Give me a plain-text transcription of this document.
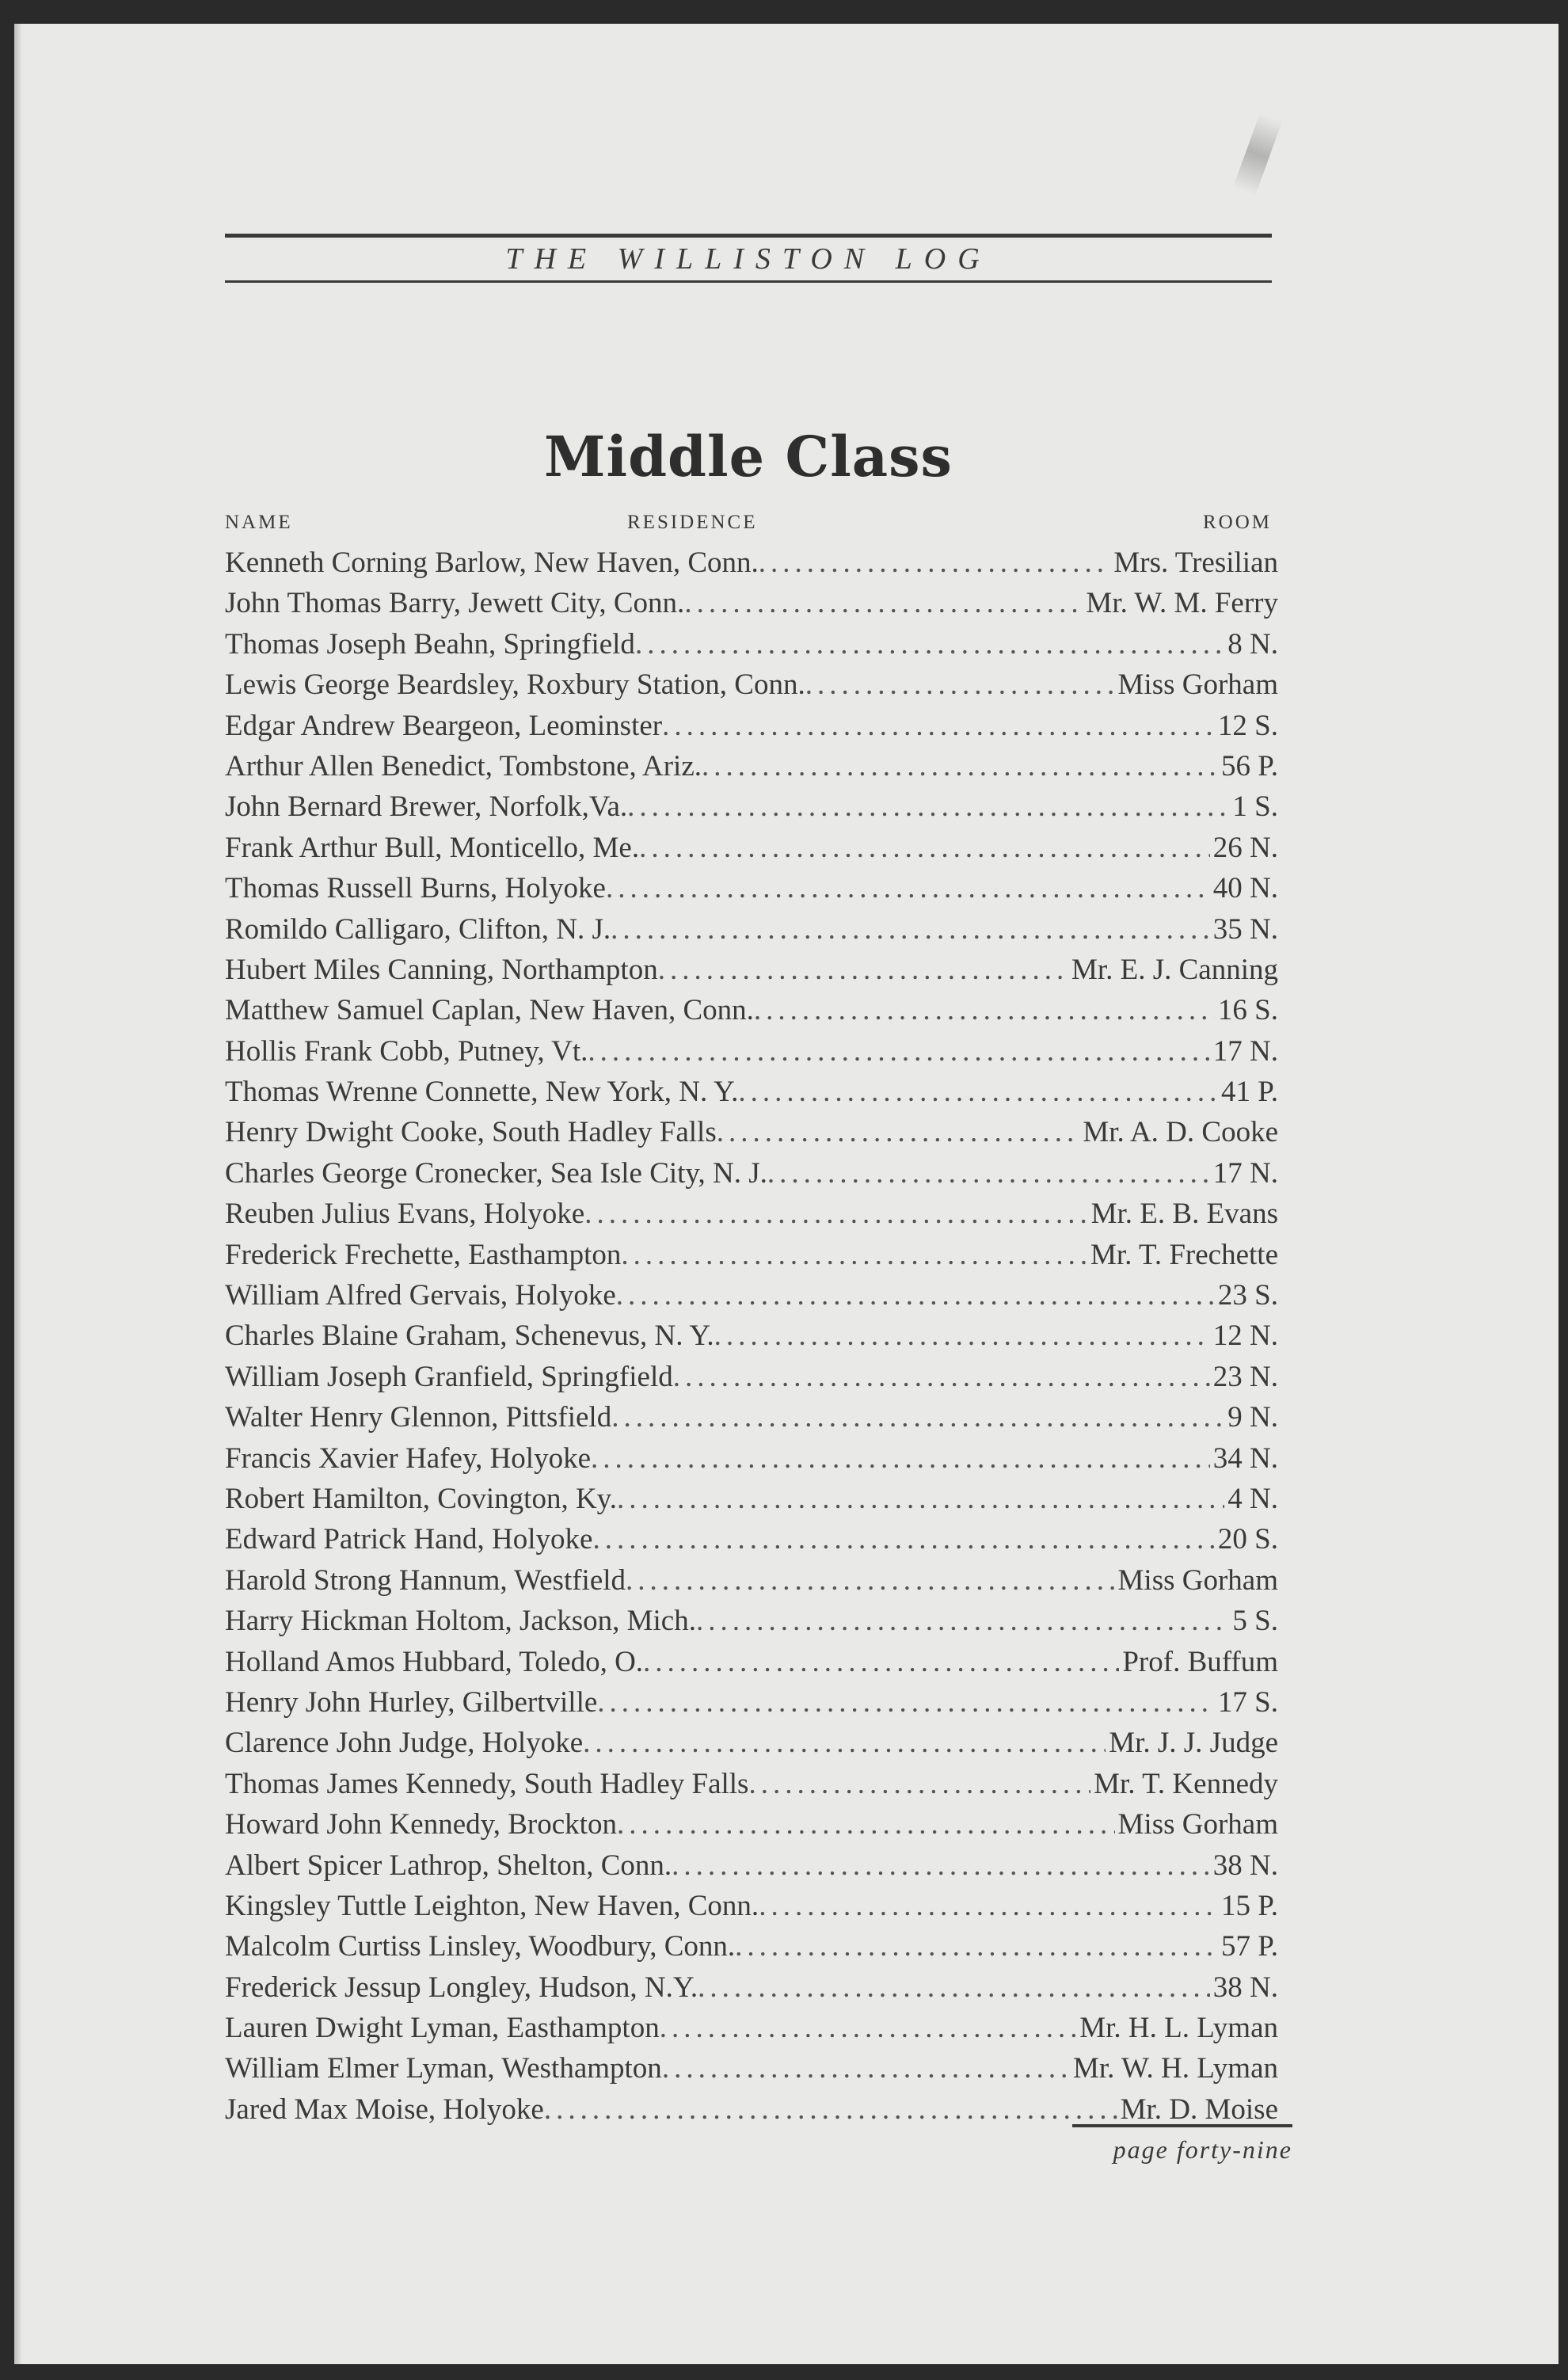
THE WILLISTON LOG
Middle Class
NAME	RESIDENCE	ROOM
Kenneth Corning Barlow, New Haven, Conn. .....	Mrs. Tresilian
John Thomas Barry, Jewett City, Conn. .....	Mr. W. M. Ferry
Thomas Joseph Beahn, Springfield .....	8 N.
Lewis George Beardsley, Roxbury Station, Conn. .....	Miss Gorham
Edgar Andrew Beargeon, Leominster .....	12 S.
Arthur Allen Benedict, Tombstone, Ariz. .....	56 P.
John Bernard Brewer, Norfolk,Va. .....	1 S.
Frank Arthur Bull, Monticello, Me. .....	26 N.
Thomas Russell Burns, Holyoke .....	40 N.
Romildo Calligaro, Clifton, N. J. .....	35 N.
Hubert Miles Canning, Northampton .....	Mr. E. J. Canning
Matthew Samuel Caplan, New Haven, Conn. .....	16 S.
Hollis Frank Cobb, Putney, Vt. .....	17 N.
Thomas Wrenne Connette, New York, N. Y. .....	41 P.
Henry Dwight Cooke, South Hadley Falls .....	Mr. A. D. Cooke
Charles George Cronecker, Sea Isle City, N. J. .....	17 N.
Reuben Julius Evans, Holyoke .....	Mr. E. B. Evans
Frederick Frechette, Easthampton .....	Mr. T. Frechette
William Alfred Gervais, Holyoke .....	23 S.
Charles Blaine Graham, Schenevus, N. Y. .....	12 N.
William Joseph Granfield, Springfield .....	23 N.
Walter Henry Glennon, Pittsfield .....	9 N.
Francis Xavier Hafey, Holyoke .....	34 N.
Robert Hamilton, Covington, Ky. .....	4 N.
Edward Patrick Hand, Holyoke .....	20 S.
Harold Strong Hannum, Westfield .....	Miss Gorham
Harry Hickman Holtom, Jackson, Mich. .....	5 S.
Holland Amos Hubbard, Toledo, O. .....	Prof. Buffum
Henry John Hurley, Gilbertville .....	17 S.
Clarence John Judge, Holyoke .....	Mr. J. J. Judge
Thomas James Kennedy, South Hadley Falls .....	Mr. T. Kennedy
Howard John Kennedy, Brockton .....	Miss Gorham
Albert Spicer Lathrop, Shelton, Conn. .....	38 N.
Kingsley Tuttle Leighton, New Haven, Conn. .....	15 P.
Malcolm Curtiss Linsley, Woodbury, Conn. .....	57 P.
Frederick Jessup Longley, Hudson, N.Y. .....	38 N.
Lauren Dwight Lyman, Easthampton .....	Mr. H. L. Lyman
William Elmer Lyman, Westhampton .....	Mr. W. H. Lyman
Jared Max Moise, Holyoke .....	Mr. D. Moise
page forty-nine
